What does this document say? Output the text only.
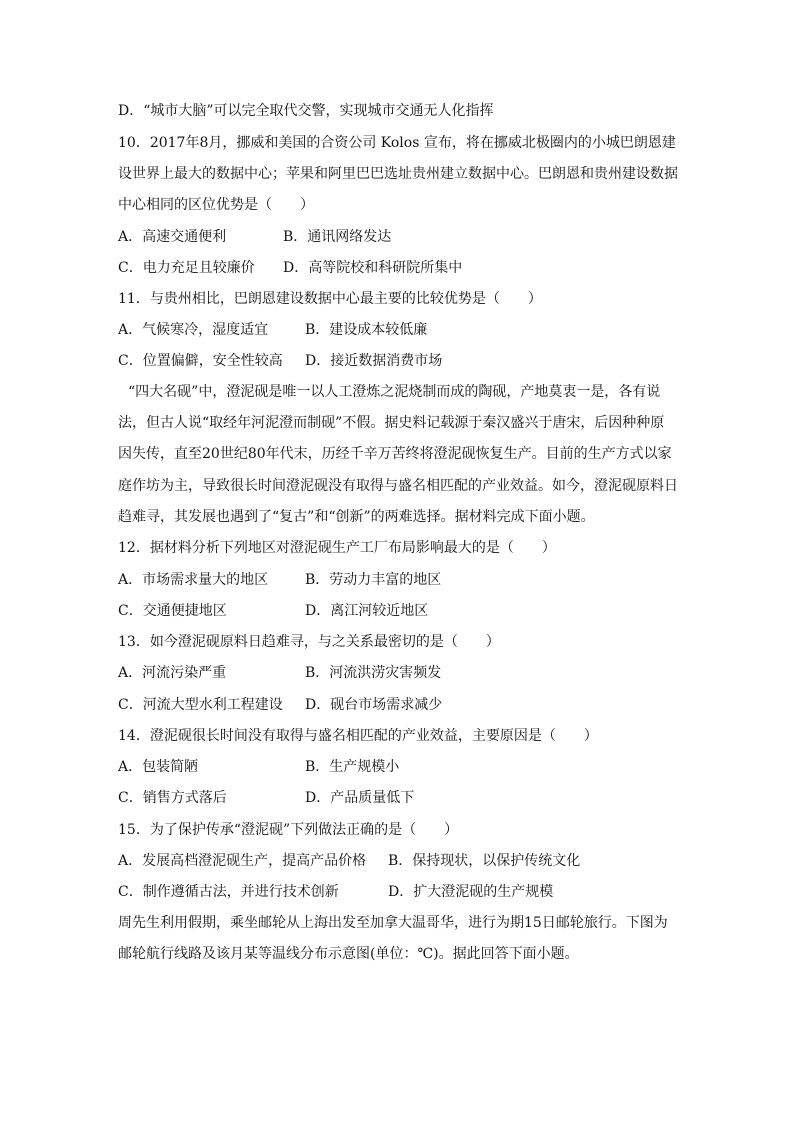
D．“城市大脑”可以完全取代交警，实现城市交通无人化指挥
10．2017年8月，挪威和美国的合资公司 Kolos 宣布，将在挪威北极圈内的小城巴朗恩建
设世界上最大的数据中心；苹果和阿里巴巴选址贵州建立数据中心。巴朗恩和贵州建设数据
中心相同的区位优势是（　　）
A．高速交通便利	B．通讯网络发达
C．电力充足且较廉价 D．高等院校和科研院所集中
11．与贵州相比，巴朗恩建设数据中心最主要的比较优势是（　　）
A．气候寒冷，湿度适宜	B．建设成本较低廉
C．位置偏僻，安全性较高 D．接近数据消费市场
“四大名砚”中，澄泥砚是唯一以人工澄炼之泥烧制而成的陶砚，产地莫衷一是，各有说
法，但古人说“取经年河泥澄而制砚”不假。据史料记载源于秦汉盛兴于唐宋，后因种种原
因失传，直至20世纪80年代末，历经千辛万苦终将澄泥砚恢复生产。目前的生产方式以家
庭作坊为主，导致很长时间澄泥砚没有取得与盛名相匹配的产业效益。如今，澄泥砚原料日
趋难寻，其发展也遇到了“复古”和“创新”的两难选择。据材料完成下面小题。
12．据材料分析下列地区对澄泥砚生产工厂布局影响最大的是（　　）
A．市场需求量大的地区	B．劳动力丰富的地区
C．交通便捷地区	D．离江河较近地区
13．如今澄泥砚原料日趋难寻，与之关系最密切的是（　　）
A．河流污染严重	B．河流洪涝灾害频发
C．河流大型水利工程建设 D．砚台市场需求减少
14．澄泥砚很长时间没有取得与盛名相匹配的产业效益，主要原因是（　　）
A．包装简陋	B．生产规模小
C．销售方式落后	D．产品质量低下
15．为了保护传承“澄泥砚”下列做法正确的是（　　）
A．发展高档澄泥砚生产，提高产品价格 B．保持现状，以保护传统文化
C．制作遵循古法，并进行技术创新	D．扩大澄泥砚的生产规模
周先生利用假期，乘坐邮轮从上海出发至加拿大温哥华，进行为期15日邮轮旅行。下图为
邮轮航行线路及该月某等温线分布示意图(单位：℃)。据此回答下面小题。
